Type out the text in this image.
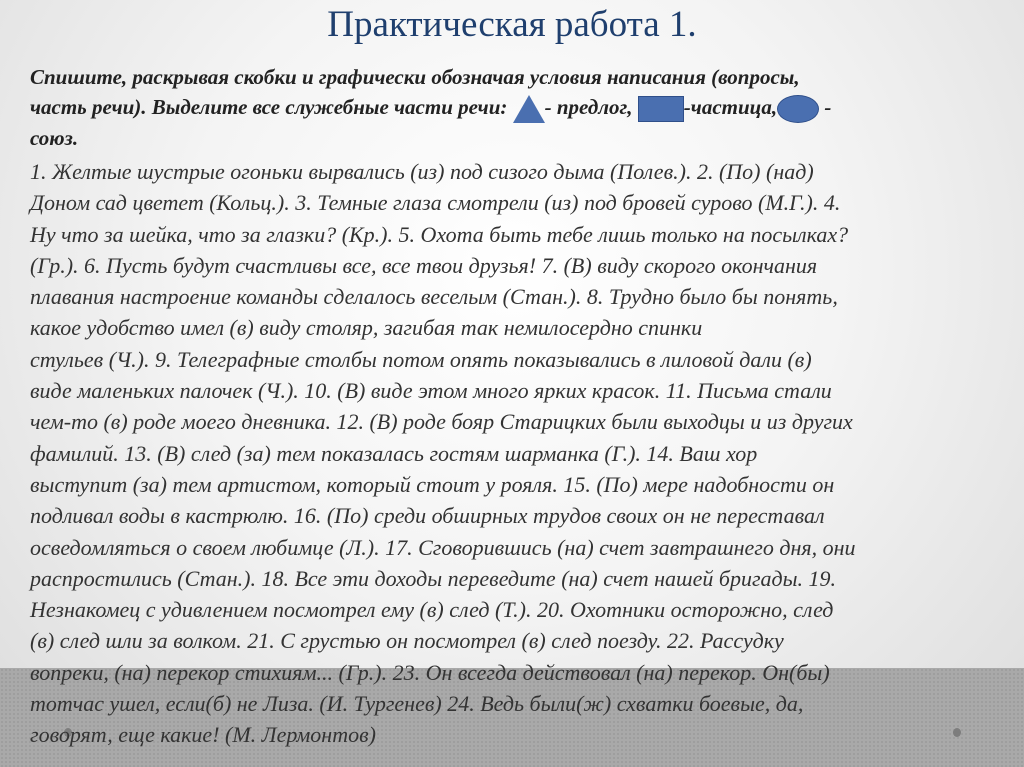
Практическая работа 1.
Спишите, раскрывая скобки и графически обозначая условия написания (вопросы,
часть речи). Выделите все служебные части речи: - предлог, -частица, -
союз.
1. Желтые шустрые огоньки вырвались (из) под сизого дыма (Полев.). 2. (По) (над)
Доном сад цветет (Кольц.). 3. Темные глаза смотрели (из) под бровей сурово (М.Г.). 4.
Ну что за шейка, что за глазки? (Кр.). 5. Охота быть тебе лишь только на посылках?
(Гр.). 6. Пусть будут счастливы все, все твои друзья! 7. (В) виду скорого окончания
плавания настроение команды сделалось веселым (Стан.). 8. Трудно было бы понять,
какое удобство имел (в) виду столяр, загибая так немилосердно спинки
стульев (Ч.). 9. Телеграфные столбы потом опять показывались в лиловой дали (в)
виде маленьких палочек (Ч.). 10. (В) виде этом много ярких красок. 11. Письма стали
чем-то (в) роде моего дневника. 12. (В) роде бояр Старицких были выходцы и из других
фамилий. 13. (В) след (за) тем показалась гостям шарманка (Г.). 14. Ваш хор
выступит (за) тем артистом, который стоит у рояля. 15. (По) мере надобности он
подливал воды в кастрюлю. 16. (По) среди обширных трудов своих он не переставал
осведомляться о своем любимце (Л.). 17. Сговорившись (на) счет завтрашнего дня, они
распростились (Стан.). 18. Все эти доходы переведите (на) счет нашей бригады. 19.
Незнакомец с удивлением посмотрел ему (в) след (Т.). 20. Охотники осторожно, след
(в) след шли за волком. 21. С грустью он посмотрел (в) след поезду. 22. Рассудку
вопреки, (на) перекор стихиям... (Гр.). 23. Он всегда действовал (на) перекор. Он(бы)
тотчас ушел, если(б) не Лиза. (И. Тургенев) 24. Ведь были(ж) схватки боевые, да,
говорят, еще какие! (М. Лермонтов)
